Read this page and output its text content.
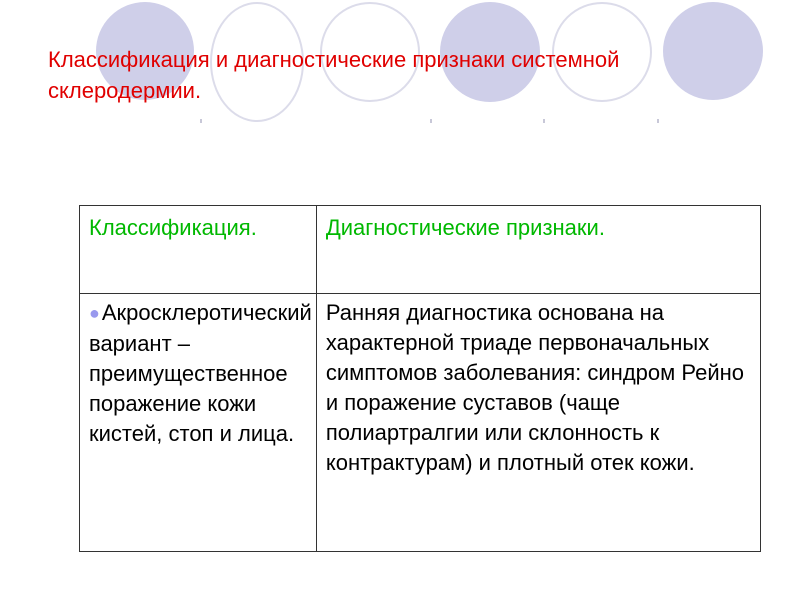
Классификация и диагностические признаки системной склеродермии.
Классификация.	Диагностические признаки.
●Акросклеротический вариант – преимущественное поражение кожи кистей, стоп и лица.	Ранняя диагностика основана на характерной триаде первоначальных симптомов заболевания: синдром Рейно и поражение суставов (чаще полиартралгии или склонность к контрактурам) и плотный отек кожи.
